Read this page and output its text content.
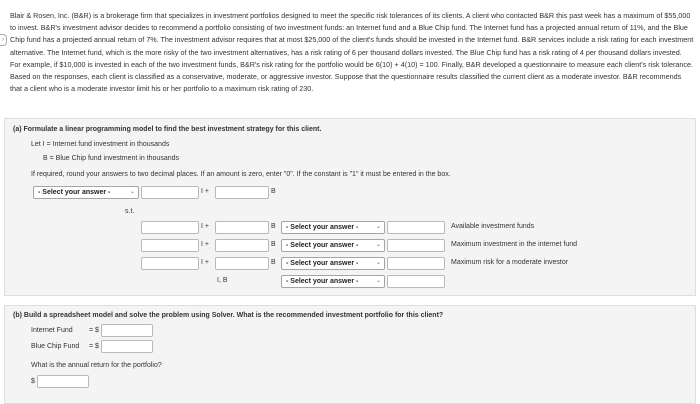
›
Blair & Rosen, Inc. (B&R) is a brokerage firm that specializes in investment portfolios designed to meet the specific risk tolerances of its clients. A client who contacted B&R this past week has a maximum of $55,000 to invest. B&R's investment advisor decides to recommend a portfolio consisting of two investment funds: an Internet fund and a Blue Chip fund. The Internet fund has a projected annual return of 11%, and the Blue Chip fund has a projected annual return of 7%. The investment advisor requires that at most $25,000 of the client's funds should be invested in the Internet fund. B&R services include a risk rating for each investment alternative. The Internet fund, which is the more risky of the two investment alternatives, has a risk rating of 6 per thousand dollars invested. The Blue Chip fund has a risk rating of 4 per thousand dollars invested. For example, if $10,000 is invested in each of the two investment funds, B&R's risk rating for the portfolio would be 6(10) + 4(10) = 100. Finally, B&R developed a questionnaire to measure each client's risk tolerance. Based on the responses, each client is classified as a conservative, moderate, or aggressive investor. Suppose that the questionnaire results classified the current client as a moderate investor. B&R recommends that a client who is a moderate investor limit his or her portfolio to a maximum risk rating of 230.
(a) Formulate a linear programming model to find the best investment strategy for this client.
Let I = Internet fund investment in thousands
B = Blue Chip fund investment in thousands
If required, round your answers to two decimal places. If an amount is zero, enter "0". If the constant is "1" it must be entered in the box.
- Select your answer -	⌄	I +	B
s.t.
I +	B	- Select your answer -	⌄	Available investment funds
I +	B	- Select your answer -	⌄	Maximum investment in the internet fund
I +	B	- Select your answer -	⌄	Maximum risk for a moderate investor
I, B	- Select your answer -	⌄
(b) Build a spreadsheet model and solve the problem using Solver. What is the recommended investment portfolio for this client?
Internet Fund = $
Blue Chip Fund = $
What is the annual return for the portfolio?
$
